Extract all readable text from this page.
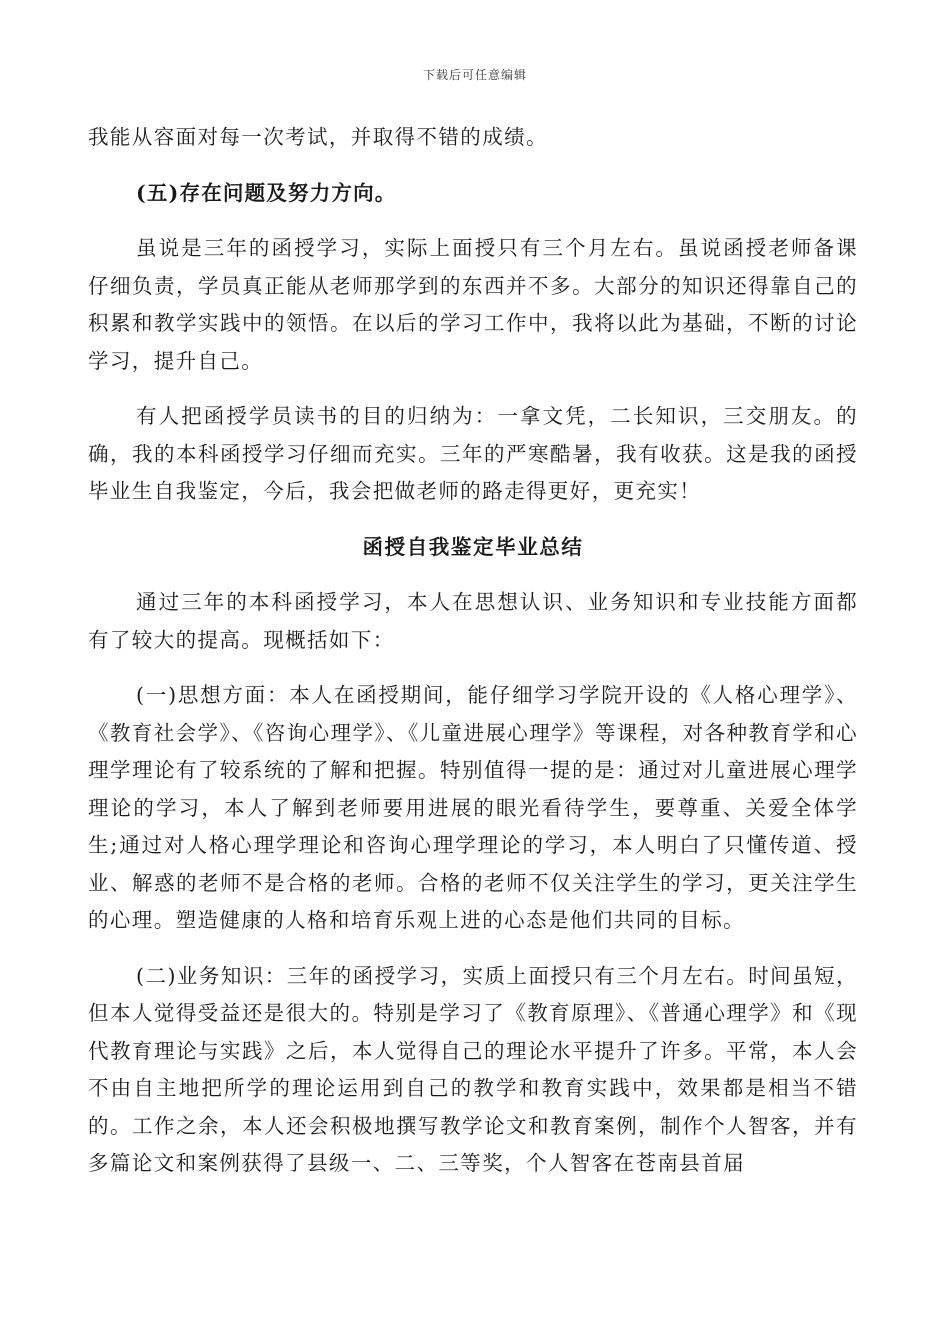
下载后可任意编辑

我能从容面对每一次考试，并取得不错的成绩。

(五)存在问题及努力方向。

虽说是三年的函授学习，实际上面授只有三个月左右。虽说函授老师备课仔细负责，学员真正能从老师那学到的东西并不多。大部分的知识还得靠自己的积累和教学实践中的领悟。在以后的学习工作中，我将以此为基础，不断的讨论学习，提升自己。

有人把函授学员读书的目的归纳为：一拿文凭，二长知识，三交朋友。的确，我的本科函授学习仔细而充实。三年的严寒酷暑，我有收获。这是我的函授毕业生自我鉴定，今后，我会把做老师的路走得更好，更充实！

函授自我鉴定毕业总结

通过三年的本科函授学习，本人在思想认识、业务知识和专业技能方面都有了较大的提高。现概括如下：

(一)思想方面：本人在函授期间，能仔细学习学院开设的《人格心理学》、《教育社会学》、《咨询心理学》、《儿童进展心理学》等课程，对各种教育学和心理学理论有了较系统的了解和把握。特别值得一提的是：通过对儿童进展心理学理论的学习，本人了解到老师要用进展的眼光看待学生，要尊重、关爱全体学生;通过对人格心理学理论和咨询心理学理论的学习，本人明白了只懂传道、授业、解惑的老师不是合格的老师。合格的老师不仅关注学生的学习，更关注学生的心理。塑造健康的人格和培育乐观上进的心态是他们共同的目标。

(二)业务知识：三年的函授学习，实质上面授只有三个月左右。时间虽短，但本人觉得受益还是很大的。特别是学习了《教育原理》、《普通心理学》和《现代教育理论与实践》之后，本人觉得自己的理论水平提升了许多。平常，本人会不由自主地把所学的理论运用到自己的教学和教育实践中，效果都是相当不错的。工作之余，本人还会积极地撰写教学论文和教育案例，制作个人智客，并有多篇论文和案例获得了县级一、二、三等奖，个人智客在苍南县首届
